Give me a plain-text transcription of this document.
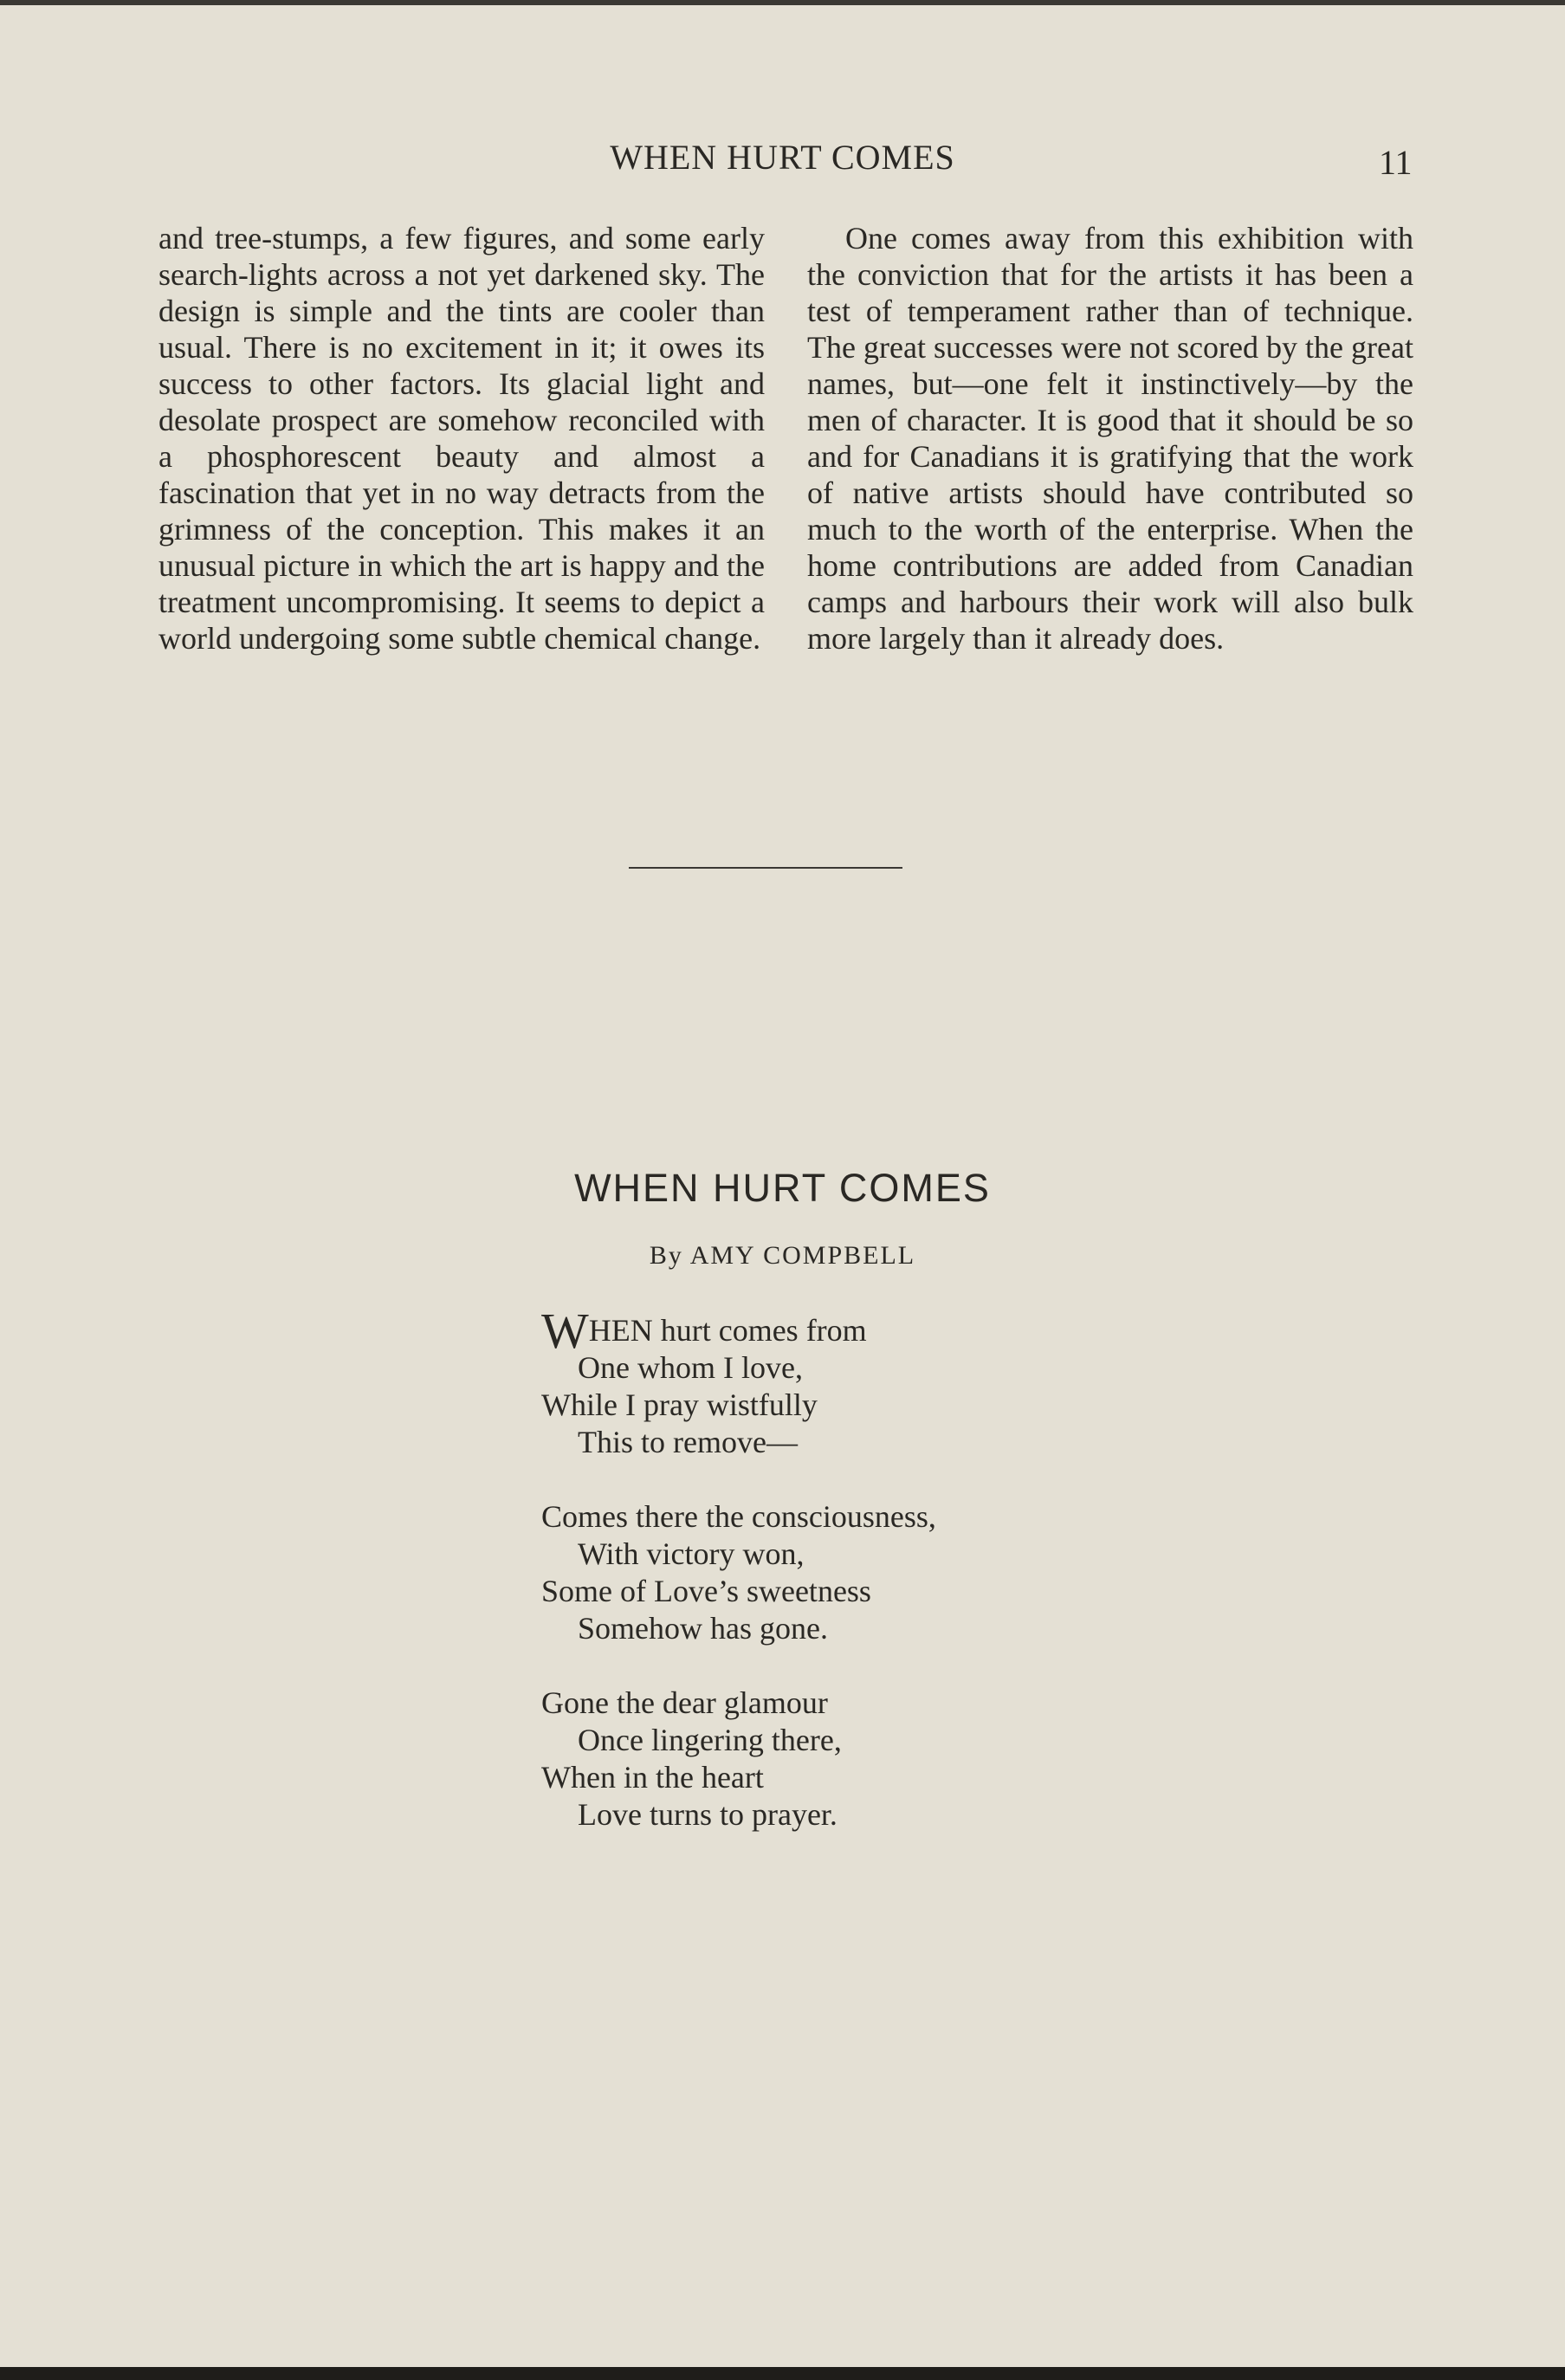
WHEN HURT COMES	11

and tree-stumps, a few figures, and some early search-lights across a not yet darkened sky. The design is simple and the tints are cooler than usual. There is no excitement in it; it owes its success to other factors. Its glacial light and desolate prospect are somehow reconciled with a phosphorescent beauty and almost a fascination that yet in no way detracts from the grimness of the conception. This makes it an unusual picture in which the art is happy and the treatment uncompromising. It seems to depict a world undergoing some subtle chemical change.

One comes away from this exhibition with the conviction that for the artists it has been a test of temperament rather than of technique. The great successes were not scored by the great names, but—one felt it instinctively—by the men of character. It is good that it should be so and for Canadians it is gratifying that the work of native artists should have contributed so much to the worth of the enterprise. When the home contributions are added from Canadian camps and harbours their work will also bulk more largely than it already does.

WHEN HURT COMES
By AMY COMPBELL
WHEN hurt comes from
One whom I love,
While I pray wistfully
This to remove—
Comes there the consciousness,
With victory won,
Some of Love’s sweetness
Somehow has gone.
Gone the dear glamour
Once lingering there,
When in the heart
Love turns to prayer.
